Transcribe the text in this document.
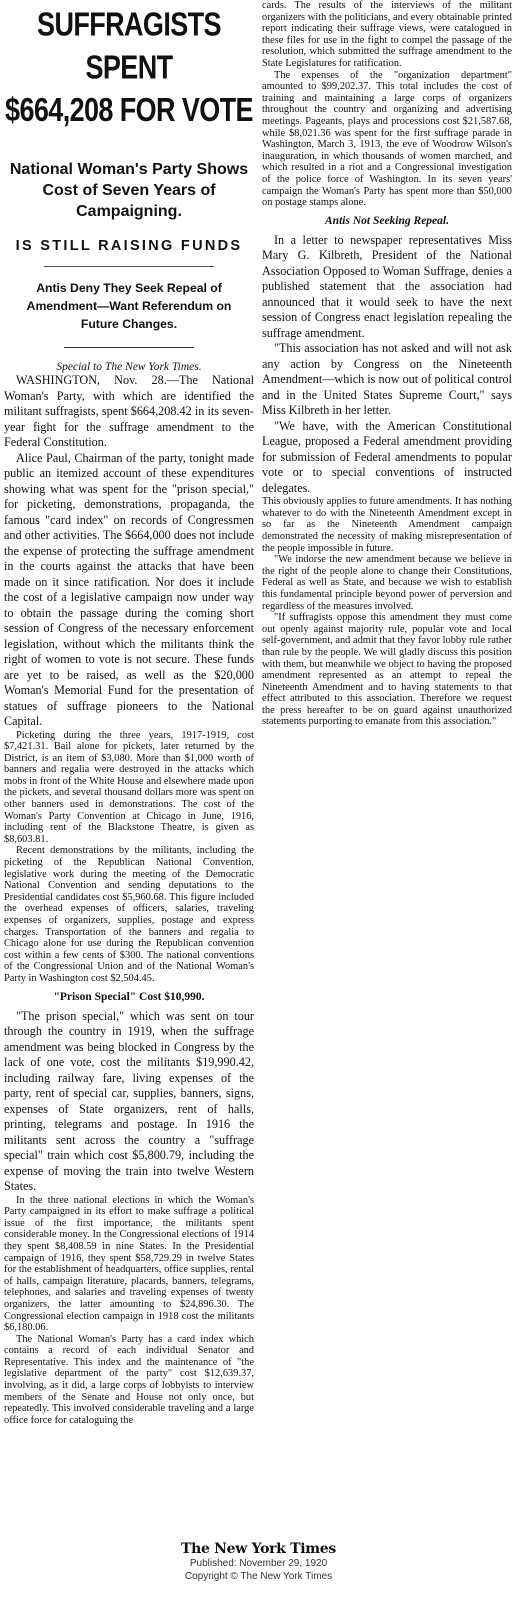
SUFFRAGISTS SPENT
$664,208 FOR VOTE
National Woman's Party Shows Cost of Seven Years of Campaigning.
IS STILL RAISING FUNDS
Antis Deny They Seek Repeal of Amendment—Want Referendum on Future Changes.
Special to The New York Times.

WASHINGTON, Nov. 28.—The National Woman's Party, with which are identified the militant suffragists, spent $664,208.42 in its seven-year fight for the suffrage amendment to the Federal Constitution.

Alice Paul, Chairman of the party, tonight made public an itemized account of these expenditures showing what was spent for the "prison special," for picketing, demonstrations, propaganda, the famous "card index" on records of Congressmen and other activities. The $664,000 does not include the expense of protecting the suffrage amendment in the courts against the attacks that have been made on it since ratification. Nor does it include the cost of a legislative campaign now under way to obtain the passage during the coming short session of Congress of the necessary enforcement legislation, without which the militants think the right of women to vote is not secure. These funds are yet to be raised, as well as the $20,000 Woman's Memorial Fund for the presentation of statues of suffrage pioneers to the National Capital.

Picketing during the three years, 1917-1919, cost $7,421.31. Bail alone for pickets, later returned by the District, is an item of $3,080. More than $1,000 worth of banners and regalia were destroyed in the attacks which mobs in front of the White House and elsewhere made upon the pickets, and several thousand dollars more was spent on other banners used in demonstrations. The cost of the Woman's Party Convention at Chicago in June, 1916, including rent of the Blackstone Theatre, is given as $8,603.81.

Recent demonstrations by the militants, including the picketing of the Republican National Convention, legislative work during the meeting of the Democratic National Convention and sending deputations to the Presidential candidates cost $5,960.68. This figure included the overhead expenses of officers, salaries, traveling expenses of organizers, supplies, postage and express charges. Transportation of the banners and regalia to Chicago alone for use during the Republican convention cost within a few cents of $300. The national conventions of the Congressional Union and of the National Woman's Party in Washington cost $2,504.45.

"Prison Special" Cost $10,990.

"The prison special," which was sent on tour through the country in 1919, when the suffrage amendment was being blocked in Congress by the lack of one vote, cost the militants $19,990.42, including railway fare, living expenses of the party, rent of special car, supplies, banners, signs, expenses of State organizers, rent of halls, printing, telegrams and postage. In 1916 the militants sent across the country a "suffrage special" train which cost $5,800.79, including the expense of moving the train into twelve Western States.

In the three national elections in which the Woman's Party campaigned in its effort to make suffrage a political issue of the first importance, the militants spent considerable money. In the Congressional elections of 1914 they spent $8,408.59 in nine States. In the Presidential campaign of 1916, they spent $58,729.29 in twelve States for the establishment of headquarters, office supplies, rental of halls, campaign literature, placards, banners, telegrams, telephones, and salaries and traveling expenses of twenty organizers, the latter amounting to $24,896.30. The Congressional election campaign in 1918 cost the militants $6,180.06.

The National Woman's Party has a card index which contains a record of each individual Senator and Representative. This index and the maintenance of "the legislative department of the party" cost $12,639.37, involving, as it did, a large corps of lobbyists to interview members of the Senate and House not only once, but repeatedly. This involved considerable traveling and a large office force for cataloguing the

cards. The results of the interviews of the militant organizers with the politicians, and every obtainable printed report indicating their suffrage views, were catalogued in these files for use in the fight to compel the passage of the resolution, which submitted the suffrage amendment to the State Legislatures for ratification.

The expenses of the "organization department" amounted to $99,202.37. This total includes the cost of training and maintaining a large corps of organizers throughout the country and organizing and advertising meetings. Pageants, plays and processions cost $21,587.68, while $8,021.36 was spent for the first suffrage parade in Washington, March 3, 1913, the eve of Woodrow Wilson's inauguration, in which thousands of women marched, and which resulted in a riot and a Congressional investigation of the police force of Washington. In its seven years' campaign the Woman's Party has spent more than $50,000 on postage stamps alone.

Antis Not Seeking Repeal.

In a letter to newspaper representatives Miss Mary G. Kilbreth, President of the National Association Opposed to Woman Suffrage, denies a published statement that the association had announced that it would seek to have the next session of Congress enact legislation repealing the suffrage amendment.

"This association has not asked and will not ask any action by Congress on the Nineteenth Amendment—which is now out of political control and in the United States Supreme Court," says Miss Kilbreth in her letter.

"We have, with the American Constitutional League, proposed a Federal amendment providing for submission of Federal amendments to popular vote or to special conventions of instructed delegates.

This obviously applies to future amendments. It has nothing whatever to do with the Nineteenth Amendment except in so far as the Nineteenth Amendment campaign demonstrated the necessity of making misrepresentation of the people impossible in future.

"We indorse the new amendment because we believe in the right of the people alone to change their Constitutions, Federal as well as State, and because we wish to establish this fundamental principle beyond power of perversion and regardless of the measures involved.

"If suffragists oppose this amendment they must come out openly against majority rule, popular vote and local self-government, and admit that they favor lobby rule rather than rule by the people. We will gladly discuss this position with them, but meanwhile we object to having the proposed amendment represented as an attempt to repeal the Nineteenth Amendment and to having statements to that effect attributed to this association. Therefore we request the press hereafter to be on guard against unauthorized statements purporting to emanate from this association."

The New York Times
Published: November 29, 1920
Copyright © The New York Times
